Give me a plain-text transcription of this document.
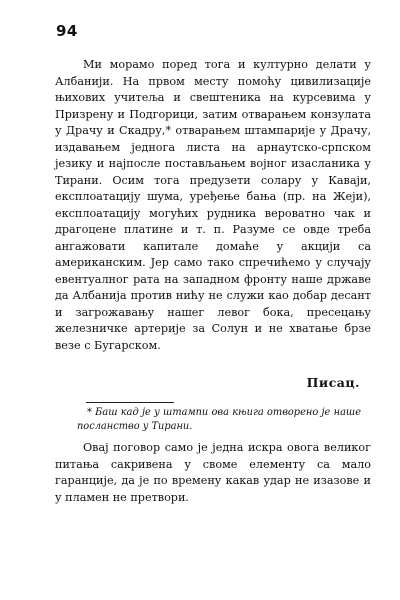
94

Ми морамо поред тога и културно делати у Албанији. На првом месту помоћу цивилизације њихових учитеља и свештеника на курсевима у Призрену и Подгорици, затим отварањем конзулата у Драчу и Скадру,* отварањем штампарије у Драчу, издавањем једнога листа на арнаутско-српском језику и најпосле постављањем војног изасланика у Тирани. Осим тога предузети солару у Каваји, експлоатацију шума, уређење бања (пр. на Жеји), експлоатацију могућих рудника вероватно чак и драгоцене платине и т. п. Разуме се овде треба ангажовати капитале домаће у акцији са американским. Јер само тако спречићемо у случају евентуалног рата на западном фронту наше државе да Албанија против нићу не служи као добар десант и загрожавању нашег левог бока, пресецању железничке артерије за Солун и не хватање брзе везе с Бугарском.

Писац.

* Баш кад је у штампи ова књига отворено је наше посланство у Тирани.

Овај поговор само је једна искра овога великог питања сакривена у своме елементу са мало гаранције, да је по времену какав удар не изазове и у пламен не претвори.
